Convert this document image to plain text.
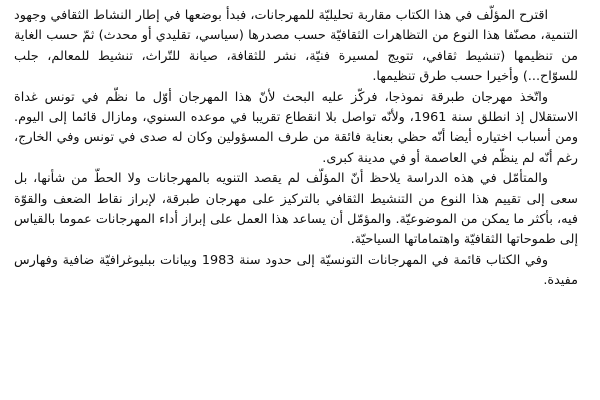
اقترح المؤلّف في هذا الكتاب مقاربة تحليليّة للمهرجانات، فبدأ بوضعها في إطار النشاط الثقافي وجهود التنمية، مصنّفا هذا النوع من التظاهرات الثقافيّة حسب مصدرها (سياسي، تقليدي أو محدث) ثمّ حسب الغاية من تنظيمها (تنشيط ثقافي، تتويج لمسيرة فنيّة، نشر للثقافة، صيانة للتّراث، تنشيط للمعالم، جلب للسوّاح...) وأخيرا حسب طرق تنظيمها.

واتّخذ مهرجان طبرقة نموذجا، فركّز عليه البحث لأنّ هذا المهرجان أوّل ما نظّم في تونس غداة الاستقلال إذ انطلق سنة 1961، ولأنّه تواصل بلا انقطاع تقريبا في موعده السنوي، ومازال قائما إلى اليوم. ومن أسباب اختياره أيضا أنّه حظي بعناية فائقة من طرف المسؤولين وكان له صدى في تونس وفي الخارج، رغم أنّه لم ينظّم في العاصمة أو في مدينة كبرى.

والمتأمّل في هذه الدراسة يلاحظ أنّ المؤلّف لم يقصد التنويه بالمهرجانات ولا الحطّ من شأنها، بل سعى إلى تقييم هذا النوع من التنشيط الثقافي بالتركيز على مهرجان طبرقة، لإبراز نقاط الضعف والقوّة فيه، بأكثر ما يمكن من الموضوعيّة. والمؤمّل أن يساعد هذا العمل على إبراز أداء المهرجانات عموما بالقياس إلى طموحاتها الثقافيّة واهتماماتها السياحيّة.

وفي الكتاب قائمة في المهرجانات التونسيّة إلى حدود سنة 1983 وبيانات ببليوغرافيّة ضافية وفهارس مفيدة.
